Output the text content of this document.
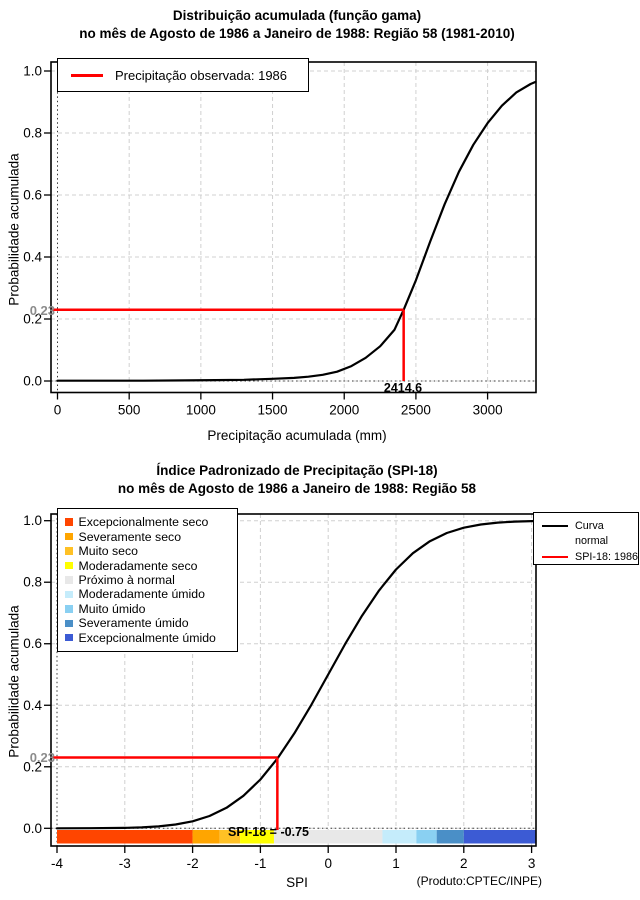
Distribuição acumulada (função gama)
no mês de Agosto de 1986 a Janeiro de 1988: Região 58 (1981-2010)
0	500	1000	1500	2000	2500	3000
0.0
0.2
0.4
0.6
0.8
1.0
Probabilidade acumulada
Precipitação acumulada (mm)
Precipitação observada: 1986
0.23
2414.6
Índice Padronizado de Precipitação (SPI-18)
no mês de Agosto de 1986 a Janeiro de 1988: Região 58
-4	-3	-2	-1	0	1	2	3
0.0
0.2
0.4
0.6
0.8
1.0
Probabilidade acumulada
SPI	(Produto:CPTEC/INPE)
Excepcionalmente seco
Severamente seco
Muito seco
Moderadamente seco
Próximo à normal
Moderadamente úmido
Muito úmido
Severamente úmido
Excepcionalmente úmido
Curva
normal
SPI-18: 1986
0.23
SPI-18 = -0.75
